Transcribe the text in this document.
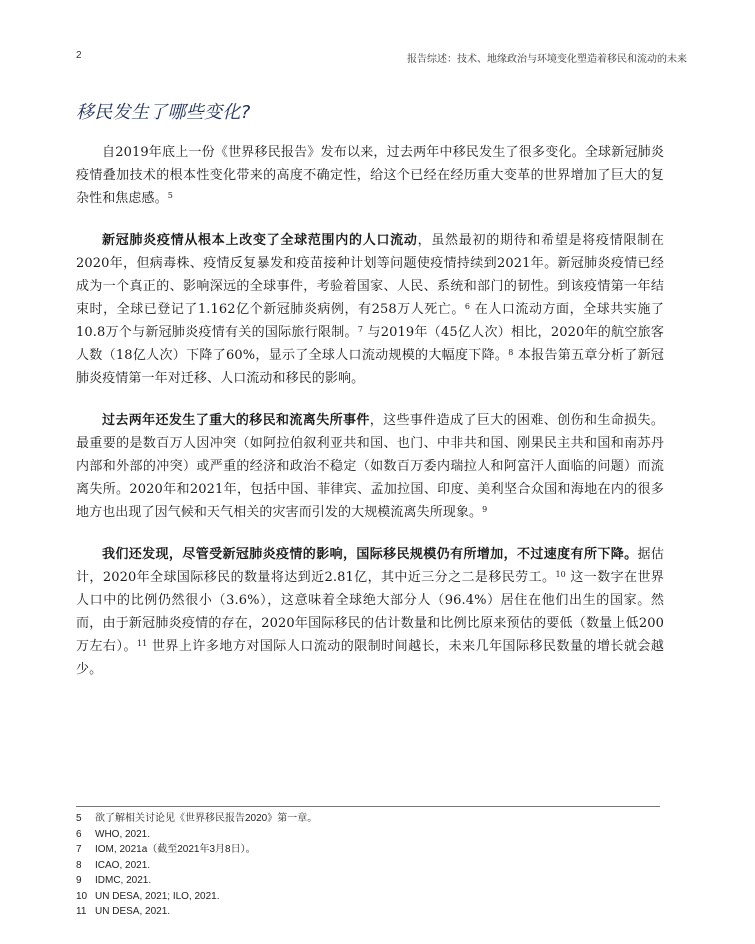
2	报告综述：技术、地缘政治与环境变化塑造着移民和流动的未来
移民发生了哪些变化?

自2019年底上一份《世界移民报告》发布以来，过去两年中移民发生了很多变化。全球新冠肺炎疫情叠加技术的根本性变化带来的高度不确定性，给这个已经在经历重大变革的世界增加了巨大的复杂性和焦虑感。$^5$

新冠肺炎疫情从根本上改变了全球范围内的人口流动，虽然最初的期待和希望是将疫情限制在2020年，但病毒株、疫情反复暴发和疫苗接种计划等问题使疫情持续到2021年。新冠肺炎疫情已经成为一个真正的、影响深远的全球事件，考验着国家、人民、系统和部门的韧性。到该疫情第一年结束时，全球已登记了1.162亿个新冠肺炎病例，有258万人死亡。$^6$ 在人口流动方面，全球共实施了10.8万个与新冠肺炎疫情有关的国际旅行限制。$^7$ 与2019年（45亿人次）相比，2020年的航空旅客人数（18亿人次）下降了60%，显示了全球人口流动规模的大幅度下降。$^8$ 本报告第五章分析了新冠肺炎疫情第一年对迁移、人口流动和移民的影响。

过去两年还发生了重大的移民和流离失所事件，这些事件造成了巨大的困难、创伤和生命损失。最重要的是数百万人因冲突（如阿拉伯叙利亚共和国、也门、中非共和国、刚果民主共和国和南苏丹内部和外部的冲突）或严重的经济和政治不稳定（如数百万委内瑞拉人和阿富汗人面临的问题）而流离失所。2020年和2021年，包括中国、菲律宾、孟加拉国、印度、美利坚合众国和海地在内的很多地方也出现了因气候和天气相关的灾害而引发的大规模流离失所现象。$^9$

我们还发现，尽管受新冠肺炎疫情的影响，国际移民规模仍有所增加，不过速度有所下降。据估计，2020年全球国际移民的数量将达到近2.81亿，其中近三分之二是移民劳工。$^{10}$ 这一数字在世界人口中的比例仍然很小（3.6%），这意味着全球绝大部分人（96.4%）居住在他们出生的国家。然而，由于新冠肺炎疫情的存在，2020年国际移民的估计数量和比例比原来预估的要低（数量上低200万左右）。$^{11}$ 世界上许多地方对国际人口流动的限制时间越长，未来几年国际移民数量的增长就会越少。

5	欲了解相关讨论见《世界移民报告2020》第一章。
6	WHO, 2021.
7	IOM, 2021a（截至2021年3月8日）。
8	ICAO, 2021.
9	IDMC, 2021.
10 UN DESA, 2021; ILO, 2021.
11 UN DESA, 2021.
